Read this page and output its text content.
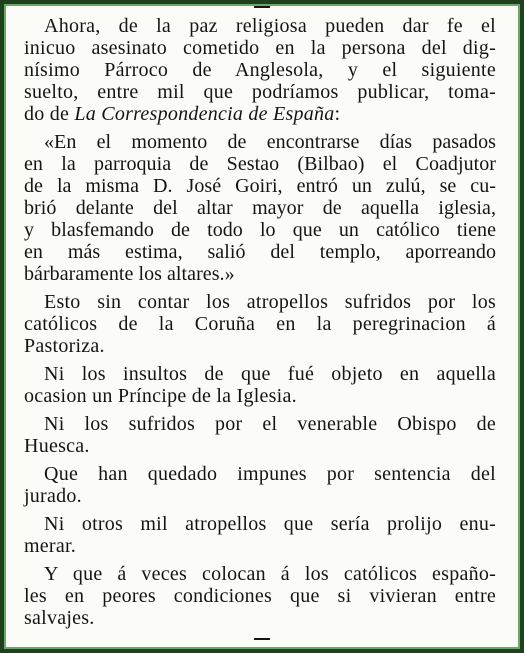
Ahora, de la paz religiosa pueden dar fe el
inicuo asesinato cometido en la persona del dig-
nísimo Párroco de Anglesola, y el siguiente
suelto, entre mil que podríamos publicar, toma-
do de La Correspondencia de España:
«En el momento de encontrarse días pasados
en la parroquia de Sestao (Bilbao) el Coadjutor
de la misma D. José Goiri, entró un zulú, se cu-
brió delante del altar mayor de aquella iglesia,
y blasfemando de todo lo que un católico tiene
en más estima, salió del templo, aporreando
bárbaramente los altares.»
Esto sin contar los atropellos sufridos por los
católicos de la Coruña en la peregrinacion á
Pastoriza.
Ni los insultos de que fué objeto en aquella
ocasion un Príncipe de la Iglesia.
Ni los sufridos por el venerable Obispo de
Huesca.
Que han quedado impunes por sentencia del
jurado.
Ni otros mil atropellos que sería prolijo enu-
merar.
Y que á veces colocan á los católicos españo-
les en peores condiciones que si vivieran entre
salvajes.
